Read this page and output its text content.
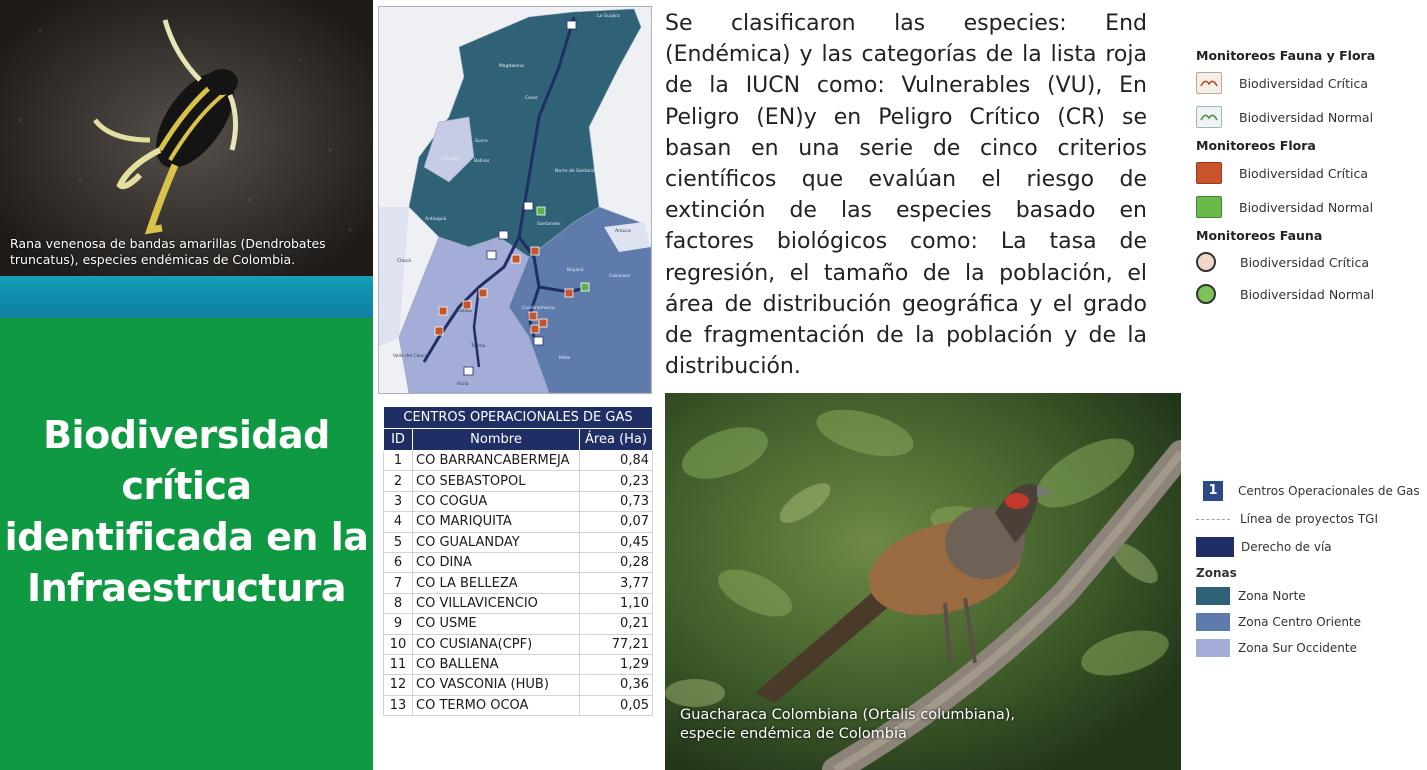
Rana venenosa de bandas amarillas (Dendrobates truncatus), especies endémicas de Colombia.
Biodiversidad
crítica
identificada en la
Infraestructura
La Guajira
Magdalena
Cesar
Bolívar
Sucre
Córdoba
Norte de Santander
Antioquia
Santander
Arauca
Chocó
Boyacá
Casanare
Caldas
Cundinamarca
Tolima
Meta
Valle del Cauca
Huila
Se clasificaron las especies: End (Endémica) y las categorías de la lista roja de la IUCN como: Vulnerables (VU), En Peligro (EN)y en Peligro Crítico (CR) se basan en una serie de cinco criterios científicos que evalúan el riesgo de extinción de las especies basado en factores biológicos como: La tasa de regresión, el tamaño de la población, el área de distribución geográfica y el grado de fragmentación de la población y de la distribución.
Monitoreos Fauna y Flora
Biodiversidad Crítica
Biodiversidad Normal
Monitoreos Flora
Biodiversidad Crítica
Biodiversidad Normal
Monitoreos Fauna
Biodiversidad Crítica
Biodiversidad Normal
CENTROS OPERACIONALES DE GAS		
ID	Nombre	Área (Ha)
1	CO BARRANCABERMEJA	0,84
2	CO SEBASTOPOL	0,23
3	CO COGUA	0,73
4	CO MARIQUITA	0,07
5	CO GUALANDAY	0,45
6	CO DINA	0,28
7	CO LA BELLEZA	3,77
8	CO VILLAVICENCIO	1,10
9	CO USME	0,21
10	CO CUSIANA(CPF)	77,21
11	CO BALLENA	1,29
12	CO VASCONIA (HUB)	0,36
13	CO TERMO OCOA	0,05
Guacharaca Colombiana (Ortalis columbiana),
especie endémica de Colombia
1	Centros Operacionales de Gas
Línea de proyectos TGI
Derecho de vía
Zonas
Zona Norte
Zona Centro Oriente
Zona Sur Occidente
